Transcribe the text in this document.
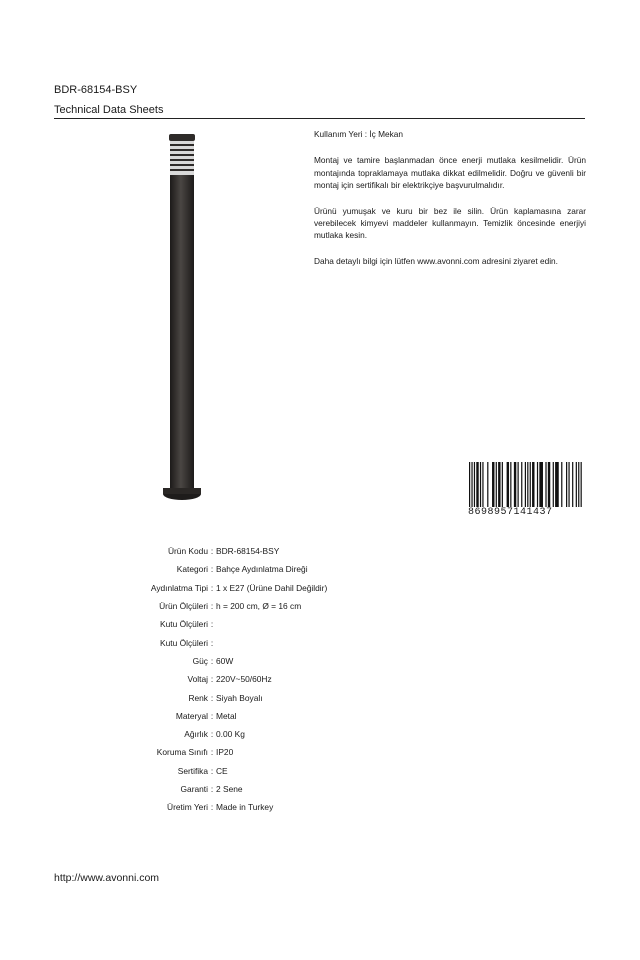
BDR-68154-BSY
Technical Data Sheets

Kullanım Yeri : İç Mekan

Montaj ve tamire başlanmadan önce enerji mutlaka kesilmelidir. Ürün montajında topraklamaya mutlaka dikkat edilmelidir. Doğru ve güvenli bir montaj için sertifikalı bir elektrikçiye başvurulmalıdır.

Ürünü yumuşak ve kuru bir bez ile silin. Ürün kaplamasına zarar verebilecek kimyevi maddeler kullanmayın. Temizlik öncesinde enerjiyi mutlaka kesin.

Daha detaylı bilgi için lütfen www.avonni.com adresini ziyaret edin.

8698957141437
Ürün Kodu : BDR-68154-BSY
Kategori : Bahçe Aydınlatma Direği
Aydınlatma Tipi : 1 x E27 (Ürüne Dahil Değildir)
Ürün Ölçüleri : h = 200 cm, Ø = 16 cm
Kutu Ölçüleri :
Kutu Ölçüleri :
Güç : 60W
Voltaj : 220V~50/60Hz
Renk : Siyah Boyalı
Materyal : Metal
Ağırlık : 0.00 Kg
Koruma Sınıfı : IP20
Sertifika : CE
Garanti : 2 Sene
Üretim Yeri : Made in Turkey
http://www.avonni.com
